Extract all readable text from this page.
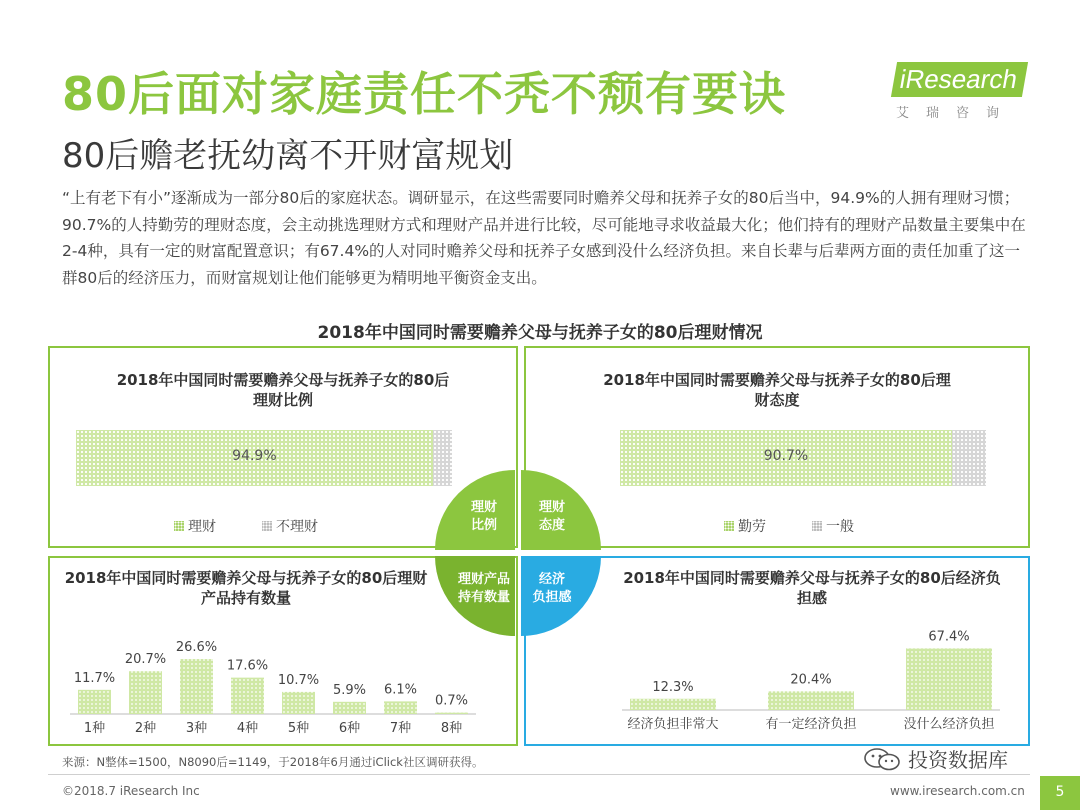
80后面对家庭责任不秃不颓有要诀
80后赡老抚幼离不开财富规划
iResearch
艾瑞咨询
“上有老下有小”逐渐成为一部分80后的家庭状态。调研显示，在这些需要同时赡养父母和抚养子女的80后当中，94.9%的人拥有理财习惯；90.7%的人持勤劳的理财态度，会主动挑选理财方式和理财产品并进行比较，尽可能地寻求收益最大化；他们持有的理财产品数量主要集中在2-4种，具有一定的财富配置意识；有67.4%的人对同时赡养父母和抚养子女感到没什么经济负担。来自长辈与后辈两方面的责任加重了这一群80后的经济压力，而财富规划让他们能够更为精明地平衡资金支出。
2018年中国同时需要赡养父母与抚养子女的80后理财情况
2018年中国同时需要赡养父母与抚养子女的80后理财比例
94.9%
理财	不理财
2018年中国同时需要赡养父母与抚养子女的80后理财态度
90.7%
勤劳	一般
2018年中国同时需要赡养父母与抚养子女的80后理财产品持有数量
11.7%
1种
20.7%
2种
26.6%
3种
17.6%
4种
10.7%
5种
5.9%
6种
6.1%
7种
0.7%
8种
2018年中国同时需要赡养父母与抚养子女的80后经济负担感
12.3%
经济负担非常大
20.4%
有一定经济负担
67.4%
没什么经济负担
理财
比例
理财
态度
理财产品
持有数量
经济
负担感
来源：N整体=1500，N8090后=1149，于2018年6月通过iClick社区调研获得。
©2018.7 iResearch Inc	www.iresearch.com.cn	5
投资数据库
